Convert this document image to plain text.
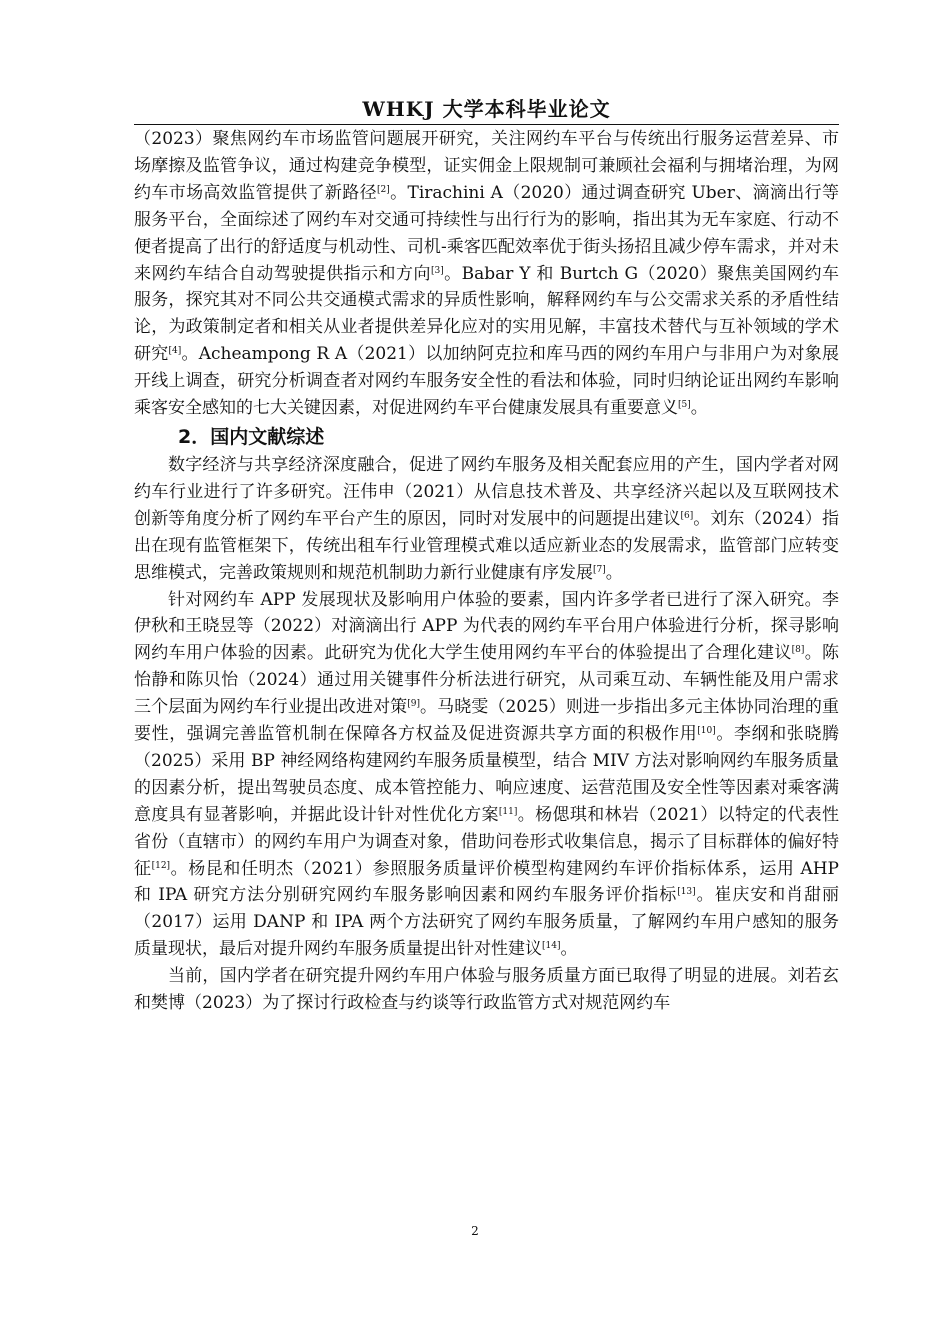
WHKJ 大学本科毕业论文

（2023）聚焦网约车市场监管问题展开研究，关注网约车平台与传统出行服务运营差异、市场摩擦及监管争议，通过构建竞争模型，证实佣金上限规制可兼顾社会福利与拥堵治理，为网约车市场高效监管提供了新路径[2]。Tirachini A（2020）通过调查研究 Uber、滴滴出行等服务平台，全面综述了网约车对交通可持续性与出行行为的影响，指出其为无车家庭、行动不便者提高了出行的舒适度与机动性、司机-乘客匹配效率优于街头扬招且减少停车需求，并对未来网约车结合自动驾驶提供指示和方向[3]。Babar Y 和 Burtch G（2020）聚焦美国网约车服务，探究其对不同公共交通模式需求的异质性影响，解释网约车与公交需求关系的矛盾性结论，为政策制定者和相关从业者提供差异化应对的实用见解，丰富技术替代与互补领域的学术研究[4]。Acheampong R A（2021）以加纳阿克拉和库马西的网约车用户与非用户为对象展开线上调查，研究分析调查者对网约车服务安全性的看法和体验，同时归纳论证出网约车影响乘客安全感知的七大关键因素，对促进网约车平台健康发展具有重要意义[5]。

2．国内文献综述

数字经济与共享经济深度融合，促进了网约车服务及相关配套应用的产生，国内学者对网约车行业进行了许多研究。汪伟申（2021）从信息技术普及、共享经济兴起以及互联网技术创新等角度分析了网约车平台产生的原因，同时对发展中的问题提出建议[6]。刘东（2024）指出在现有监管框架下，传统出租车行业管理模式难以适应新业态的发展需求，监管部门应转变思维模式，完善政策规则和规范机制助力新行业健康有序发展[7]。

针对网约车 APP 发展现状及影响用户体验的要素，国内许多学者已进行了深入研究。李伊秋和王晓昱等（2022）对滴滴出行 APP 为代表的网约车平台用户体验进行分析，探寻影响网约车用户体验的因素。此研究为优化大学生使用网约车平台的体验提出了合理化建议[8]。陈怡静和陈贝怡（2024）通过用关键事件分析法进行研究，从司乘互动、车辆性能及用户需求三个层面为网约车行业提出改进对策[9]。马晓雯（2025）则进一步指出多元主体协同治理的重要性，强调完善监管机制在保障各方权益及促进资源共享方面的积极作用[10]。李纲和张晓腾（2025）采用 BP 神经网络构建网约车服务质量模型，结合 MIV 方法对影响网约车服务质量的因素分析，提出驾驶员态度、成本管控能力、响应速度、运营范围及安全性等因素对乘客满意度具有显著影响，并据此设计针对性优化方案[11]。杨偲琪和林岩（2021）以特定的代表性省份（直辖市）的网约车用户为调查对象，借助问卷形式收集信息，揭示了目标群体的偏好特征[12]。杨昆和任明杰（2021）参照服务质量评价模型构建网约车评价指标体系，运用 AHP 和 IPA 研究方法分别研究网约车服务影响因素和网约车服务评价指标[13]。崔庆安和肖甜丽（2017）运用 DANP 和 IPA 两个方法研究了网约车服务质量，了解网约车用户感知的服务质量现状，最后对提升网约车服务质量提出针对性建议[14]。

当前，国内学者在研究提升网约车用户体验与服务质量方面已取得了明显的进展。刘若玄和樊博（2023）为了探讨行政检查与约谈等行政监管方式对规范网约车

2
